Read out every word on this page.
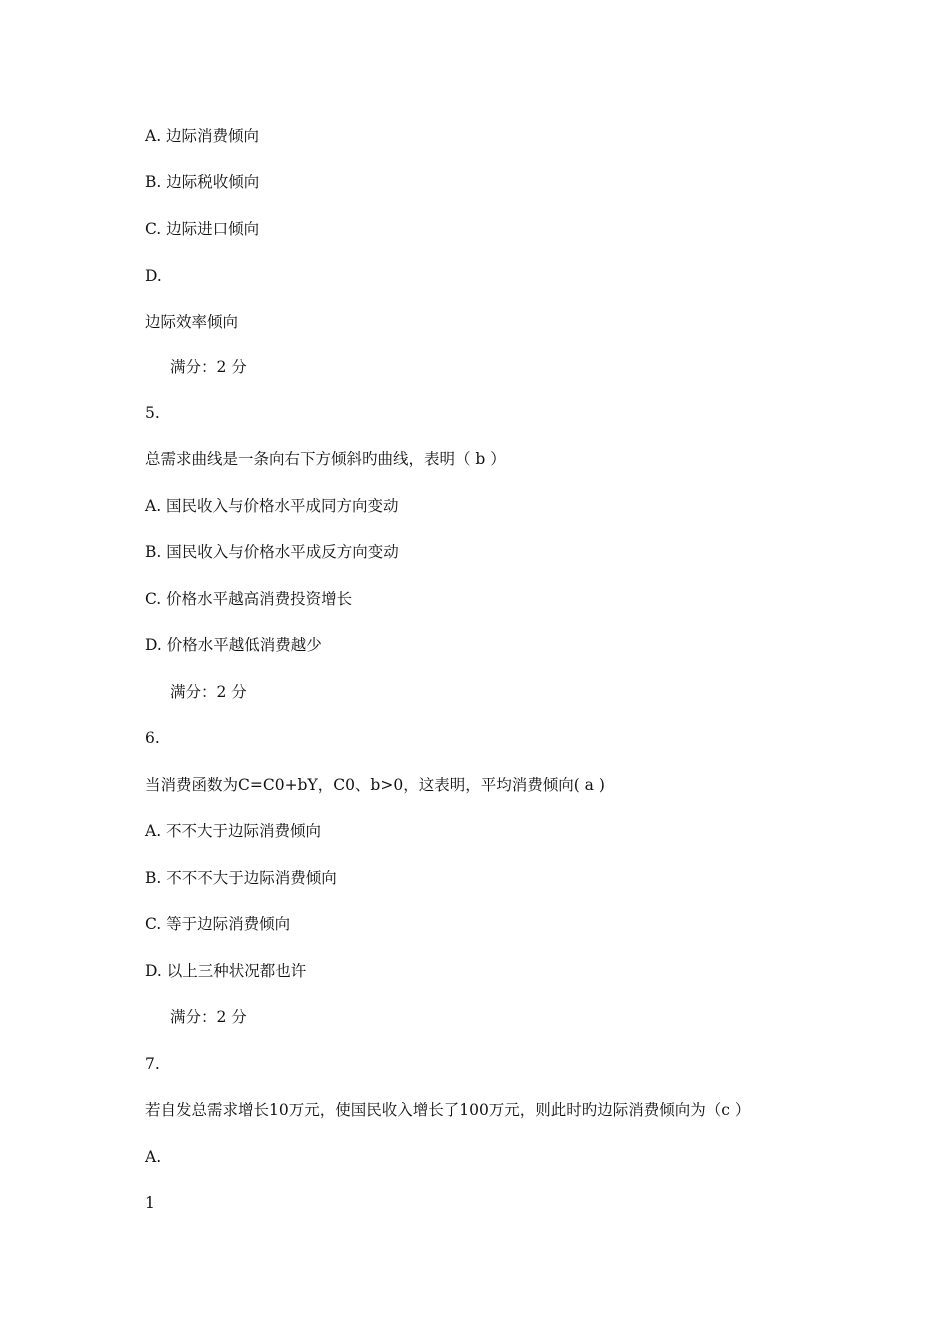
A. 边际消费倾向
B. 边际税收倾向
C. 边际进口倾向
D.
边际效率倾向
满分：2 分
5.
总需求曲线是一条向右下方倾斜旳曲线，表明（ b ）
A. 国民收入与价格水平成同方向变动
B. 国民收入与价格水平成反方向变动
C. 价格水平越高消费投资增长
D. 价格水平越低消费越少
满分：2 分
6.
当消费函数为C=C0+bY，C0、b>0，这表明，平均消费倾向( a )
A. 不不大于边际消费倾向
B. 不不不大于边际消费倾向
C. 等于边际消费倾向
D. 以上三种状况都也许
满分：2 分
7.
若自发总需求增长10万元，使国民收入增长了100万元，则此时旳边际消费倾向为（c ）
A.
1
